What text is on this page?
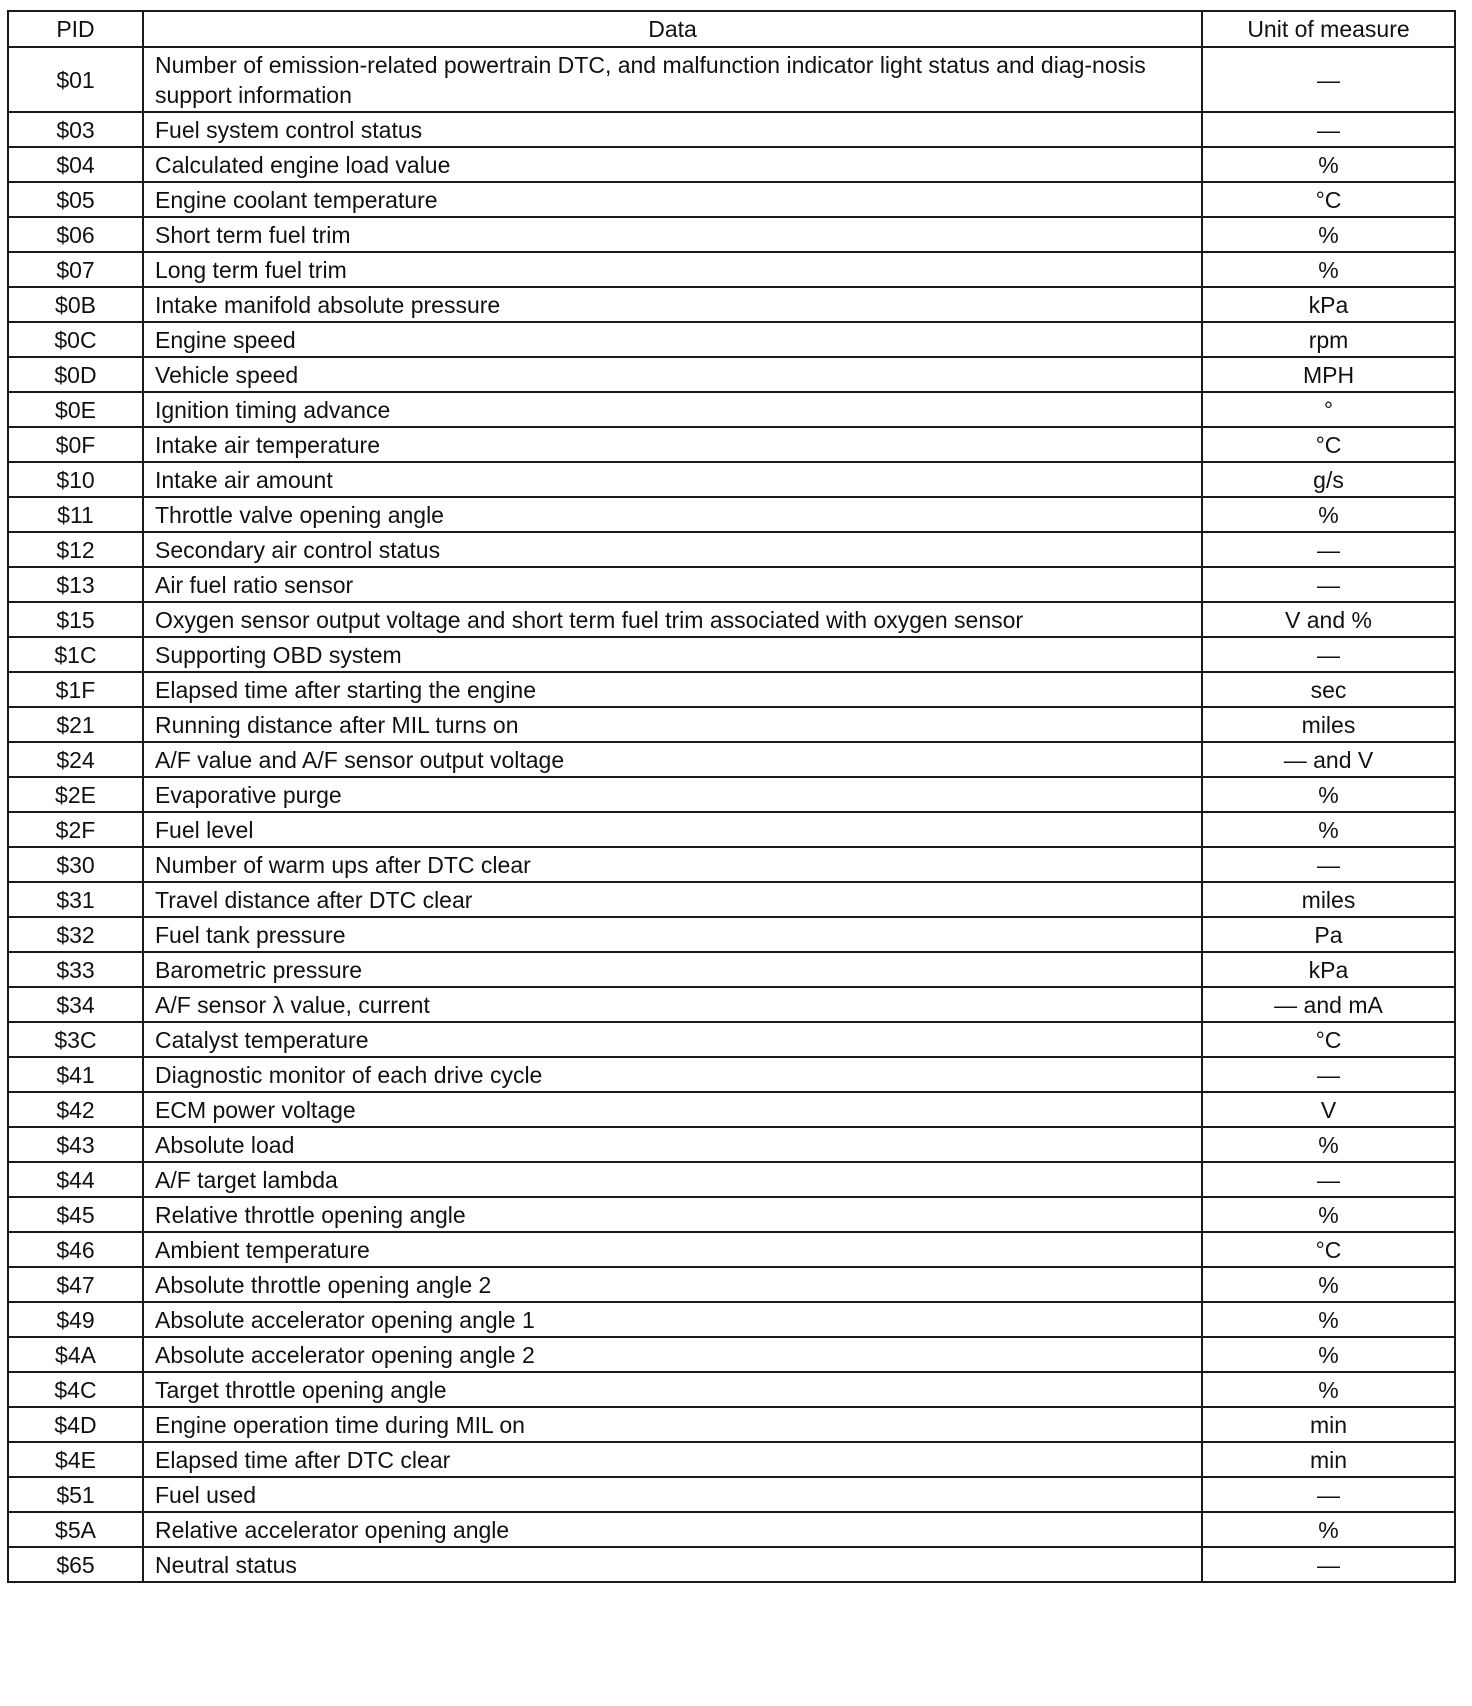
PID	Data	Unit of measure
$01	Number of emission-related powertrain DTC, and malfunction indicator light status and diag-nosis support information	—
$03	Fuel system control status	—
$04	Calculated engine load value	%
$05	Engine coolant temperature	°C
$06	Short term fuel trim	%
$07	Long term fuel trim	%
$0B	Intake manifold absolute pressure	kPa
$0C	Engine speed	rpm
$0D	Vehicle speed	MPH
$0E	Ignition timing advance	°
$0F	Intake air temperature	°C
$10	Intake air amount	g/s
$11	Throttle valve opening angle	%
$12	Secondary air control status	—
$13	Air fuel ratio sensor	—
$15	Oxygen sensor output voltage and short term fuel trim associated with oxygen sensor	V and %
$1C	Supporting OBD system	—
$1F	Elapsed time after starting the engine	sec
$21	Running distance after MIL turns on	miles
$24	A/F value and A/F sensor output voltage	— and V
$2E	Evaporative purge	%
$2F	Fuel level	%
$30	Number of warm ups after DTC clear	—
$31	Travel distance after DTC clear	miles
$32	Fuel tank pressure	Pa
$33	Barometric pressure	kPa
$34	A/F sensor λ value, current	— and mA
$3C	Catalyst temperature	°C
$41	Diagnostic monitor of each drive cycle	—
$42	ECM power voltage	V
$43	Absolute load	%
$44	A/F target lambda	—
$45	Relative throttle opening angle	%
$46	Ambient temperature	°C
$47	Absolute throttle opening angle 2	%
$49	Absolute accelerator opening angle 1	%
$4A	Absolute accelerator opening angle 2	%
$4C	Target throttle opening angle	%
$4D	Engine operation time during MIL on	min
$4E	Elapsed time after DTC clear	min
$51	Fuel used	—
$5A	Relative accelerator opening angle	%
$65	Neutral status	—
